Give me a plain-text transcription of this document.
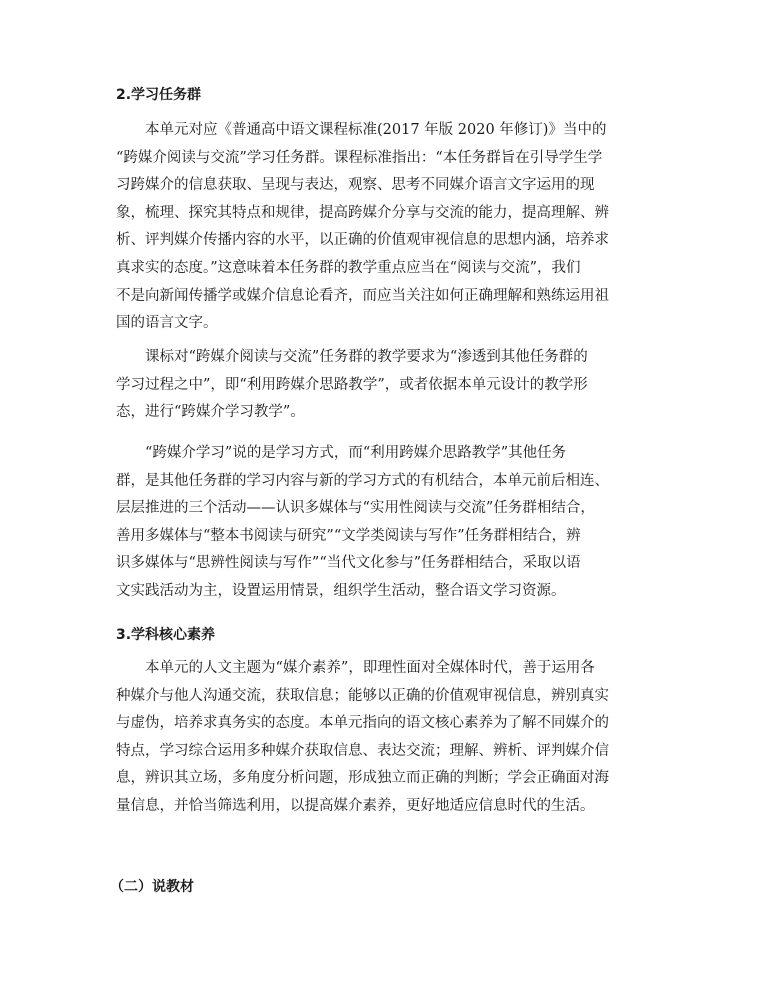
2.学习任务群
本单元对应《普通高中语文课程标准(2017 年版 2020 年修订)》当中的
“跨媒介阅读与交流”学习任务群。课程标准指出：“本任务群旨在引导学生学
习跨媒介的信息获取、呈现与表达，观察、思考不同媒介语言文字运用的现
象，梳理、探究其特点和规律，提高跨媒介分享与交流的能力，提高理解、辨
析、评判媒介传播内容的水平，以正确的价值观审视信息的思想内涵，培养求
真求实的态度。”这意味着本任务群的教学重点应当在“阅读与交流”，我们
不是向新闻传播学或媒介信息论看齐，而应当关注如何正确理解和熟练运用祖
国的语言文字。
课标对“跨媒介阅读与交流”任务群的教学要求为“渗透到其他任务群的
学习过程之中”，即“利用跨媒介思路教学”，或者依据本单元设计的教学形
态，进行“跨媒介学习教学”。
“跨媒介学习”说的是学习方式，而“利用跨媒介思路教学”其他任务
群，是其他任务群的学习内容与新的学习方式的有机结合，本单元前后相连、
层层推进的三个活动——认识多媒体与“实用性阅读与交流”任务群相结合，
善用多媒体与“整本书阅读与研究”“文学类阅读与写作”任务群相结合，辨
识多媒体与“思辨性阅读与写作”“当代文化参与”任务群相结合，采取以语
文实践活动为主，设置运用情景，组织学生活动，整合语文学习资源。
3.学科核心素养
本单元的人文主题为“媒介素养”，即理性面对全媒体时代，善于运用各
种媒介与他人沟通交流，获取信息；能够以正确的价值观审视信息，辨别真实
与虚伪，培养求真务实的态度。本单元指向的语文核心素养为了解不同媒介的
特点，学习综合运用多种媒介获取信息、表达交流；理解、辨析、评判媒介信
息，辨识其立场，多角度分析问题，形成独立而正确的判断；学会正确面对海
量信息，并恰当筛选利用，以提高媒介素养，更好地适应信息时代的生活。
（二）说教材
